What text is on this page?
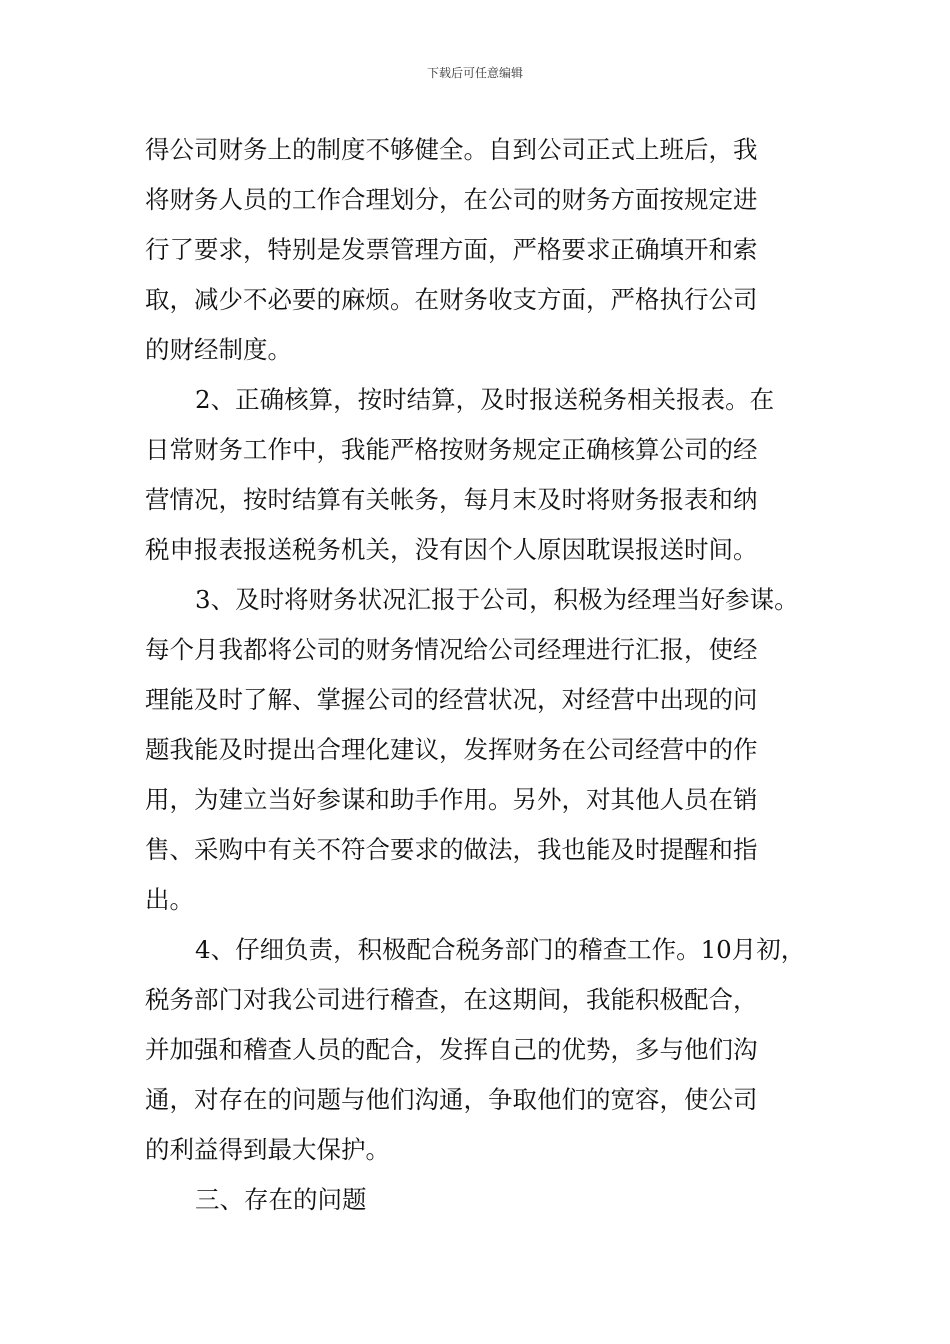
下载后可任意编辑
得公司财务上的制度不够健全。自到公司正式上班后，我
将财务人员的工作合理划分，在公司的财务方面按规定进
行了要求，特别是发票管理方面，严格要求正确填开和索
取，减少不必要的麻烦。在财务收支方面，严格执行公司
的财经制度。
2、正确核算，按时结算，及时报送税务相关报表。在
日常财务工作中，我能严格按财务规定正确核算公司的经
营情况，按时结算有关帐务，每月末及时将财务报表和纳
税申报表报送税务机关，没有因个人原因耽误报送时间。
3、及时将财务状况汇报于公司，积极为经理当好参谋。
每个月我都将公司的财务情况给公司经理进行汇报，使经
理能及时了解、掌握公司的经营状况，对经营中出现的问
题我能及时提出合理化建议，发挥财务在公司经营中的作
用，为建立当好参谋和助手作用。另外，对其他人员在销
售、采购中有关不符合要求的做法，我也能及时提醒和指
出。
4、仔细负责，积极配合税务部门的稽查工作。10月初，
税务部门对我公司进行稽查，在这期间，我能积极配合，
并加强和稽查人员的配合，发挥自己的优势，多与他们沟
通，对存在的问题与他们沟通，争取他们的宽容，使公司
的利益得到最大保护。
三、存在的问题
